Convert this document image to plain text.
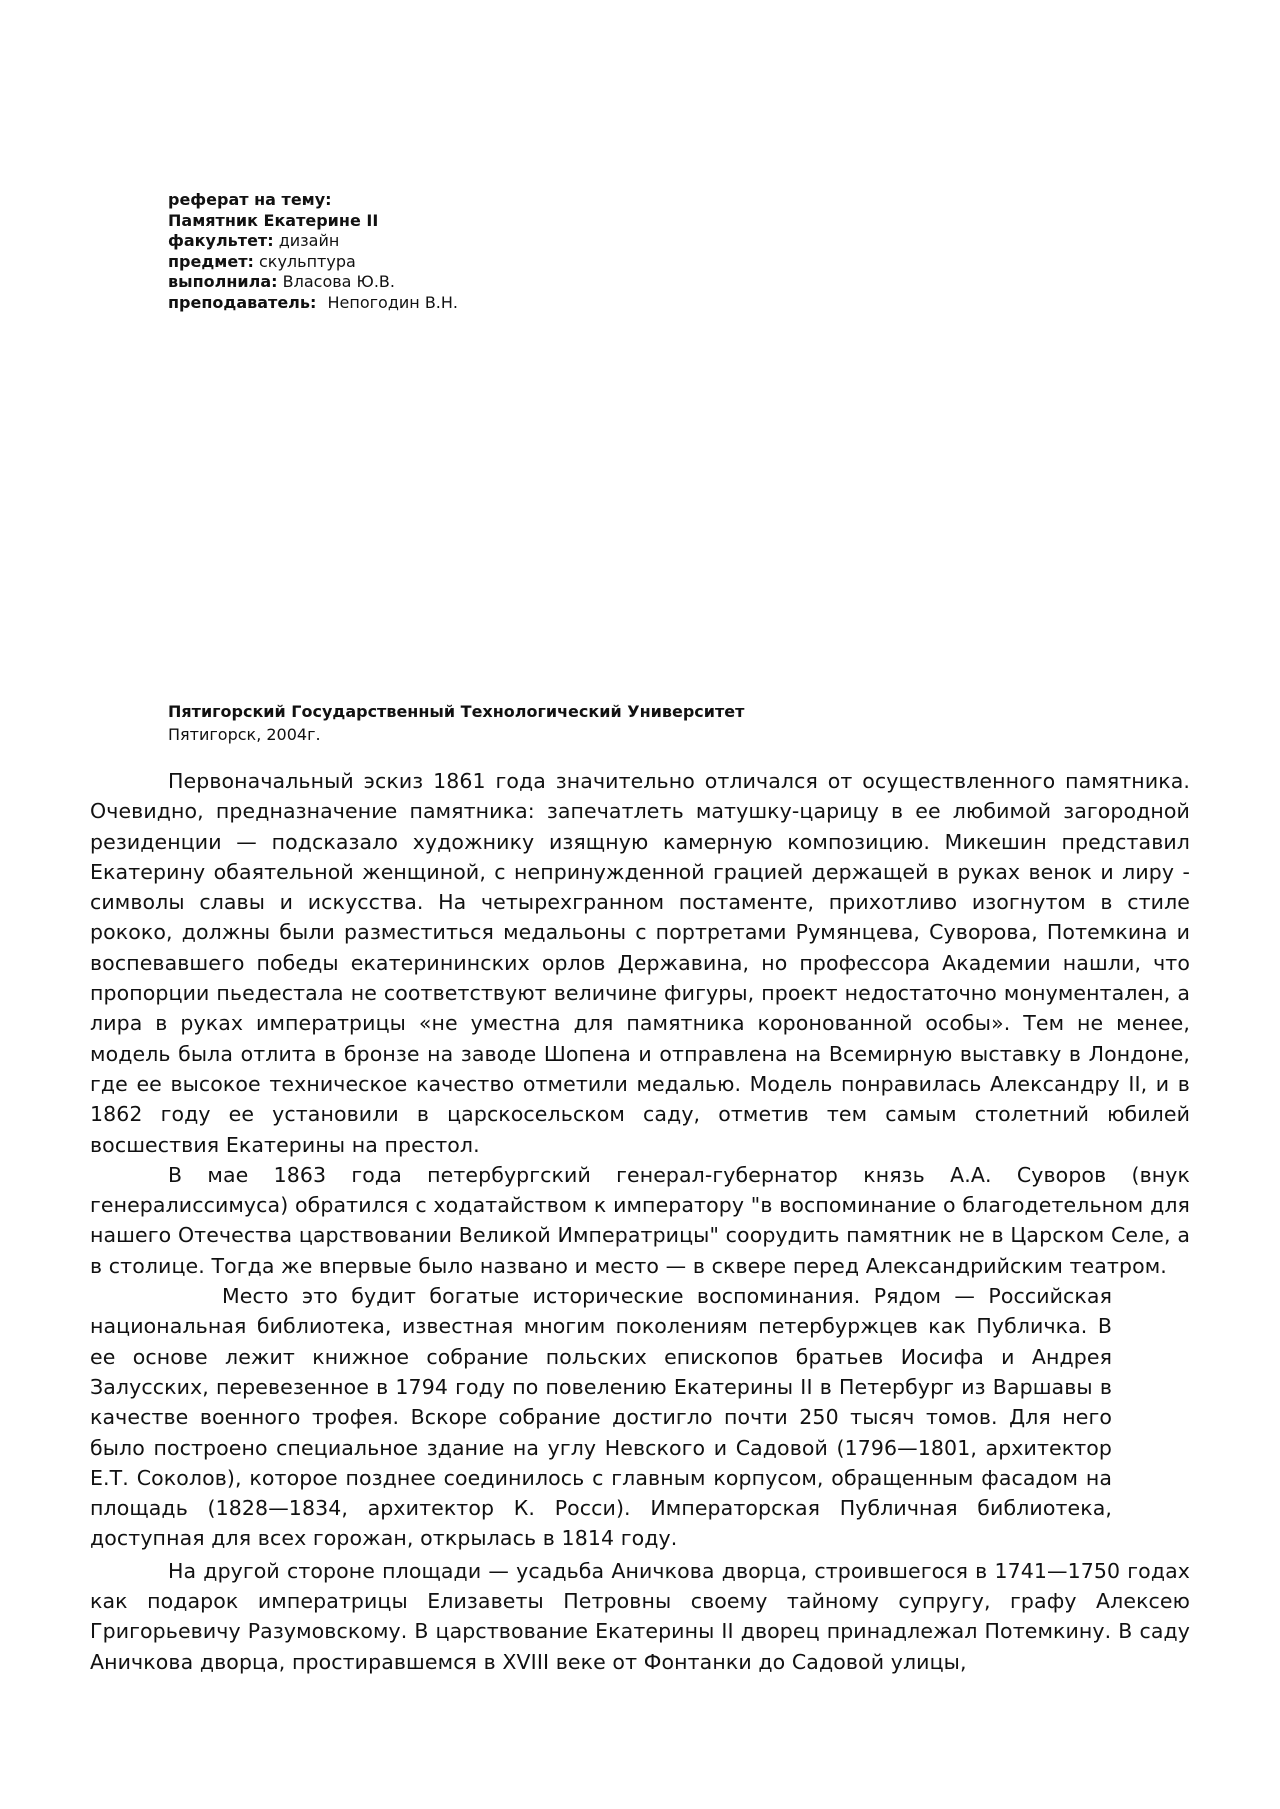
реферат на тему:
Памятник Екатерине II
факультет: дизайн
предмет: скульптура
выполнила: Власова Ю.В.
преподаватель: Непогодин В.Н.
Пятигорский Государственный Технологический Университет
Пятигорск, 2004г.

Первоначальный эскиз 1861 года значительно отличался от осуществленного памятника. Очевидно, предназначение памятника: запечатлеть матушку-царицу в ее любимой загородной резиденции — подсказало художнику изящную камерную композицию. Микешин представил Екатерину обаятельной женщиной, с непринужденной грацией держащей в руках венок и лиру - символы славы и искусства. На четырехгранном постаменте, прихотливо изогнутом в стиле рококо, должны были разместиться медальоны с портретами Румянцева, Суворова, Потемкина и воспевавшего победы екатерининских орлов Державина, но профессора Академии нашли, что пропорции пьедестала не соответствуют величине фигуры, проект недостаточно монументален, а лира в руках императрицы «не уместна для памятника коронованной особы». Тем не менее, модель была отлита в бронзе на заводе Шопена и отправлена на Всемирную выставку в Лондоне, где ее высокое техническое качество отметили медалью. Модель понравилась Александру II, и в 1862 году ее установили в царскосельском саду, отметив тем самым столетний юбилей восшествия Екатерины на престол.

В мае 1863 года петербургский генерал-губернатор князь А.А. Суворов (внук генералиссимуса) обратился с ходатайством к императору "в воспоминание о благодетельном для нашего Отечества царствовании Великой Императрицы" соорудить памятник не в Царском Селе, а в столице. Тогда же впервые было названо и место — в сквере перед Александрийским театром.

Место это будит богатые исторические воспоминания. Рядом — Российская национальная библиотека, известная многим поколениям петербуржцев как Публичка. В ее основе лежит книжное собрание польских епископов братьев Иосифа и Андрея Залусских, перевезенное в 1794 году по повелению Екатерины II в Петербург из Варшавы в качестве военного трофея. Вскоре собрание достигло почти 250 тысяч томов. Для него было построено специальное здание на углу Невского и Садовой (1796—1801, архитектор Е.Т. Соколов), которое позднее соединилось с главным корпусом, обращенным фасадом на площадь (1828—1834, архитектор К. Росси). Императорская Публичная библиотека, доступная для всех горожан, открылась в 1814 году.

На другой стороне площади — усадьба Аничкова дворца, строившегося в 1741—1750 годах как подарок императрицы Елизаветы Петровны своему тайному супругу, графу Алексею Григорьевичу Разумовскому. В царствование Екатерины II дворец принадлежал Потемкину. В саду Аничкова дворца, простиравшемся в XVIII веке от Фонтанки до Садовой улицы,
